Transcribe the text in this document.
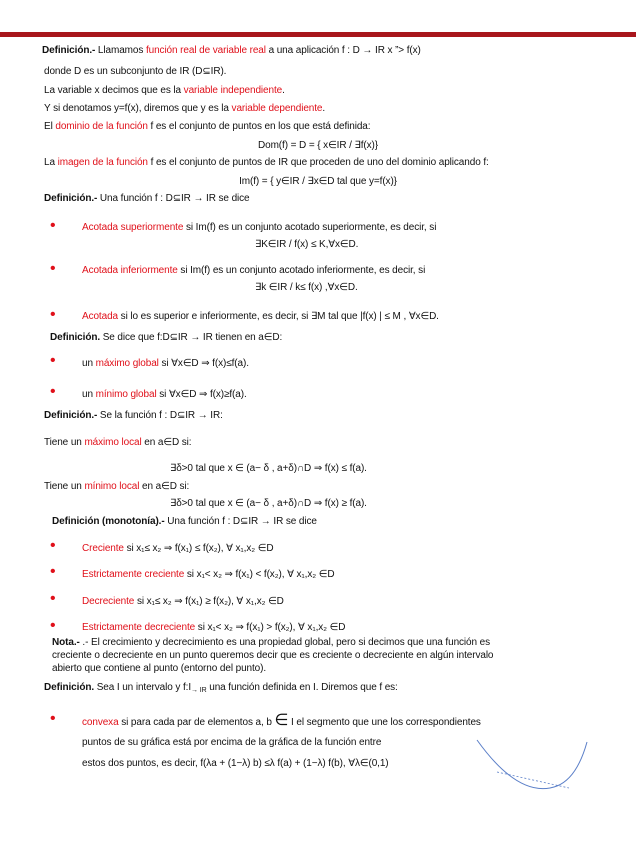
Definición.- Llamamos función real de variable real a una aplicación f : D → IR x ”> f(x)
donde D es un subconjunto de IR (D⊆IR).
La variable x decimos que es la variable independiente.
Y si denotamos y=f(x), diremos que y es la variable dependiente.
El dominio de la función f es el conjunto de puntos en los que está definida:
Dom(f) = D = { x∈IR / ∃f(x)}
La imagen de la función f es el conjunto de puntos de IR que proceden de uno del dominio aplicando f:
Im(f) = { y∈IR / ∃x∈D tal que y=f(x)}
Definición.- Una función f : D⊆IR → IR se dice
•	Acotada superiormente si Im(f) es un conjunto acotado superiormente, es decir, si
∃K∈IR / f(x) ≤ K,∀x∈D.
•	Acotada inferiormente si Im(f) es un conjunto acotado inferiormente, es decir, si
∃k ∈IR / k≤ f(x) ,∀x∈D.
•	Acotada si lo es superior e inferiormente, es decir, si ∃M tal que |f(x) | ≤ M , ∀x∈D.
Definición. Se dice que f:D⊆IR → IR tienen en a∈D:
•	un máximo global si ∀x∈D ⇒ f(x)≤f(a).
•	un mínimo global si ∀x∈D ⇒ f(x)≥f(a).
Definición.- Se la función f : D⊆IR → IR:
Tiene un máximo local en a∈D si:
∃δ>0 tal que x ∈ (a− δ , a+δ)∩D ⇒ f(x) ≤ f(a).
Tiene un mínimo local en a∈D si:
∃δ>0 tal que x ∈ (a− δ , a+δ)∩D ⇒ f(x) ≥ f(a).
Definición (monotonía).- Una función f : D⊆IR → IR se dice
•	Creciente si x₁≤ x₂ ⇒ f(x₁) ≤ f(x₂), ∀ x₁,x₂ ∈D
•	Estrictamente creciente si x₁< x₂ ⇒ f(x₁) < f(x₂), ∀ x₁,x₂ ∈D
•	Decreciente si x₁≤ x₂ ⇒ f(x₁) ≥ f(x₂), ∀ x₁,x₂ ∈D
•	Estrictamente decreciente si x₁< x₂ ⇒ f(x₁) > f(x₂), ∀ x₁,x₂ ∈D
Nota.- .- El crecimiento y decrecimiento es una propiedad global, pero si decimos que una función es
creciente o decreciente en un punto queremos decir que es creciente o decreciente en algún intervalo
abierto que contiene al punto (entorno del punto).
Definición. Sea I un intervalo y $f:I_{\to IR}$ una función definida en I. Diremos que f es:
•	convexa si para cada par de elementos a, b ∈ I el segmento que une los correspondientes
puntos de su gráfica está por encima de la gráfica de la función entre
estos dos puntos, es decir, f(λa + (1−λ) b) ≤λ f(a) + (1−λ) f(b), ∀λ∈(0,1)
